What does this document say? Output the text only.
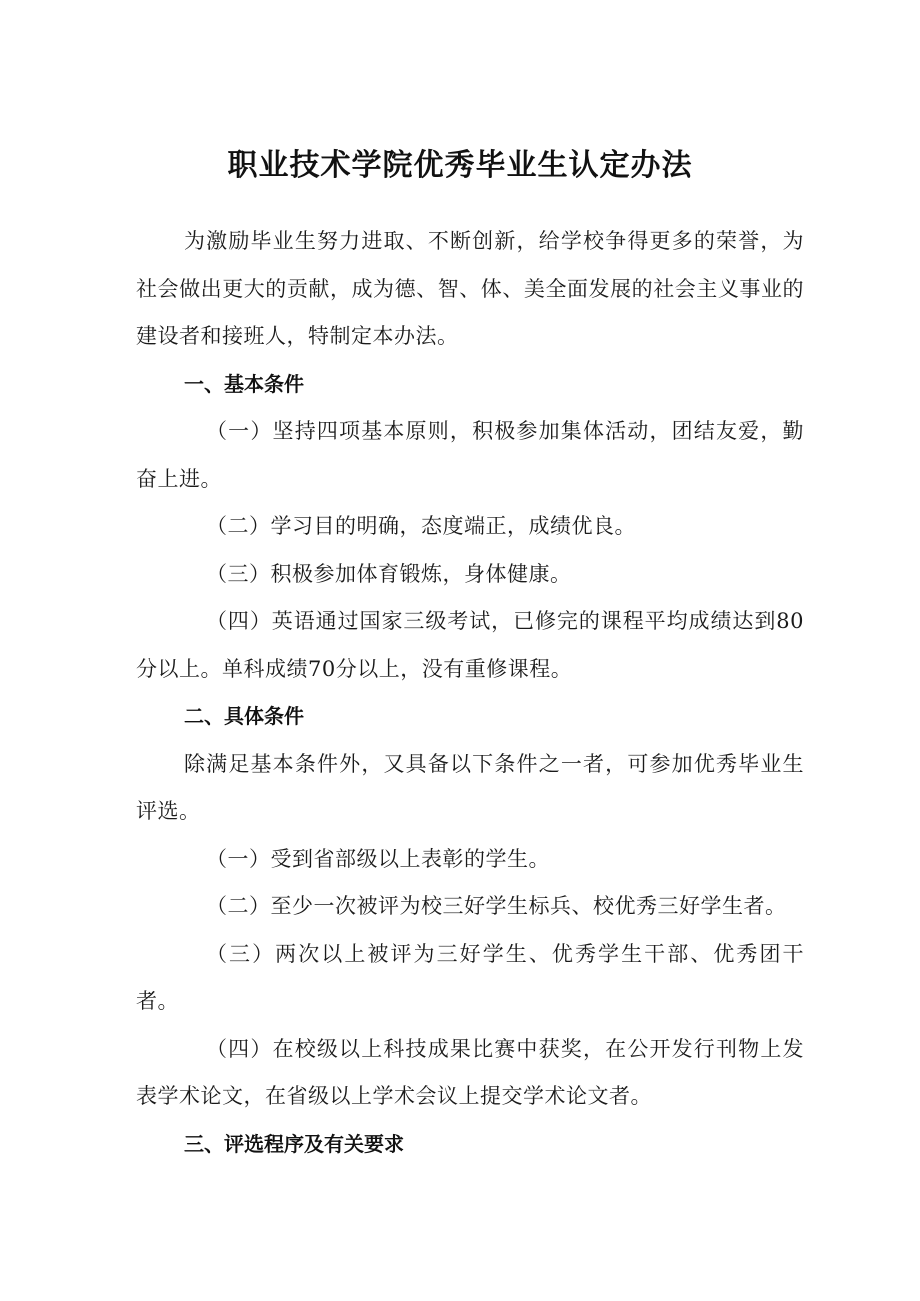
职业技术学院优秀毕业生认定办法

为激励毕业生努力进取、不断创新，给学校争得更多的荣誉，为社会做出更大的贡献，成为德、智、体、美全面发展的社会主义事业的建设者和接班人，特制定本办法。

一、基本条件

（一）坚持四项基本原则，积极参加集体活动，团结友爱，勤奋上进。

（二）学习目的明确，态度端正，成绩优良。

（三）积极参加体育锻炼，身体健康。

（四）英语通过国家三级考试，已修完的课程平均成绩达到80分以上。单科成绩70分以上，没有重修课程。

二、具体条件

除满足基本条件外，又具备以下条件之一者，可参加优秀毕业生评选。

（一）受到省部级以上表彰的学生。

（二）至少一次被评为校三好学生标兵、校优秀三好学生者。

（三）两次以上被评为三好学生、优秀学生干部、优秀团干者。

（四）在校级以上科技成果比赛中获奖，在公开发行刊物上发表学术论文，在省级以上学术会议上提交学术论文者。

三、评选程序及有关要求
